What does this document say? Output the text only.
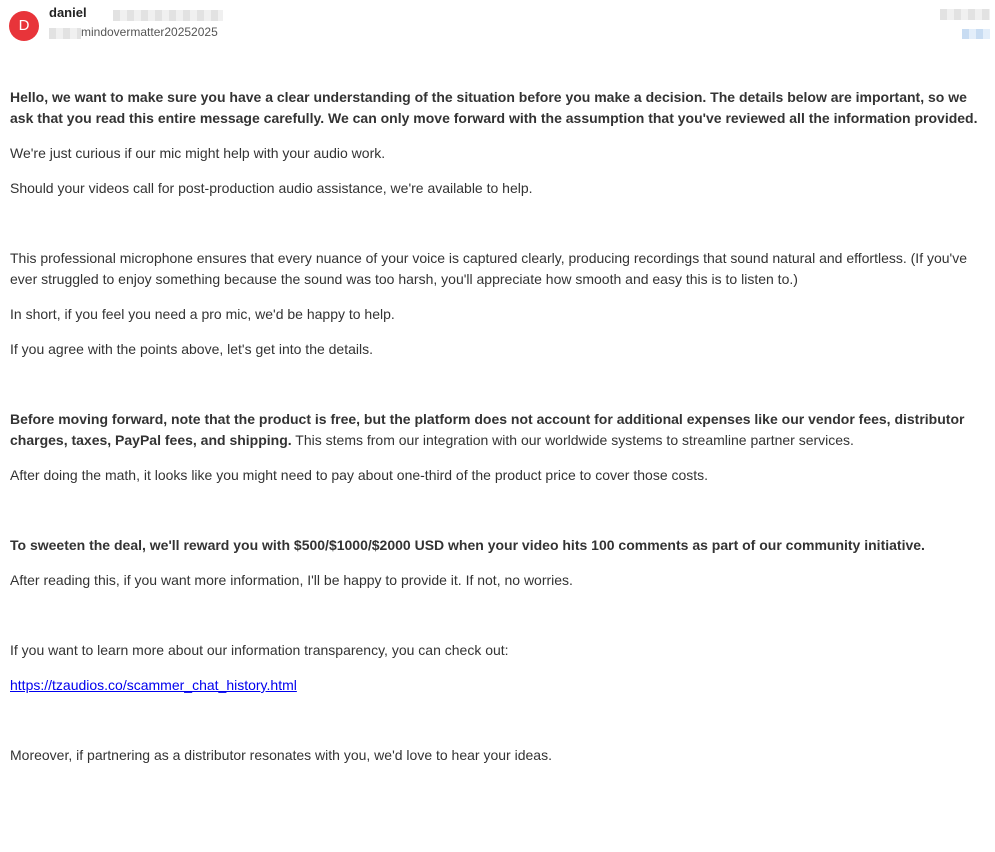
D
daniel
mindovermatter20252025

Hello, we want to make sure you have a clear understanding of the situation before you make a decision. The details below are important, so we ask that you read this entire message carefully. We can only move forward with the assumption that you've reviewed all the information provided.

We're just curious if our mic might help with your audio work.

Should your videos call for post-production audio assistance, we're available to help.

This professional microphone ensures that every nuance of your voice is captured clearly, producing recordings that sound natural and effortless. (If you've ever struggled to enjoy something because the sound was too harsh, you'll appreciate how smooth and easy this is to listen to.)

In short, if you feel you need a pro mic, we'd be happy to help.

If you agree with the points above, let's get into the details.

Before moving forward, note that the product is free, but the platform does not account for additional expenses like our vendor fees, distributor charges, taxes, PayPal fees, and shipping. This stems from our integration with our worldwide systems to streamline partner services.

After doing the math, it looks like you might need to pay about one-third of the product price to cover those costs.

To sweeten the deal, we'll reward you with $500/$1000/$2000 USD when your video hits 100 comments as part of our community initiative.

After reading this, if you want more information, I'll be happy to provide it. If not, no worries.

If you want to learn more about our information transparency, you can check out:

https://tzaudios.co/scammer_chat_history.html

Moreover, if partnering as a distributor resonates with you, we'd love to hear your ideas.
